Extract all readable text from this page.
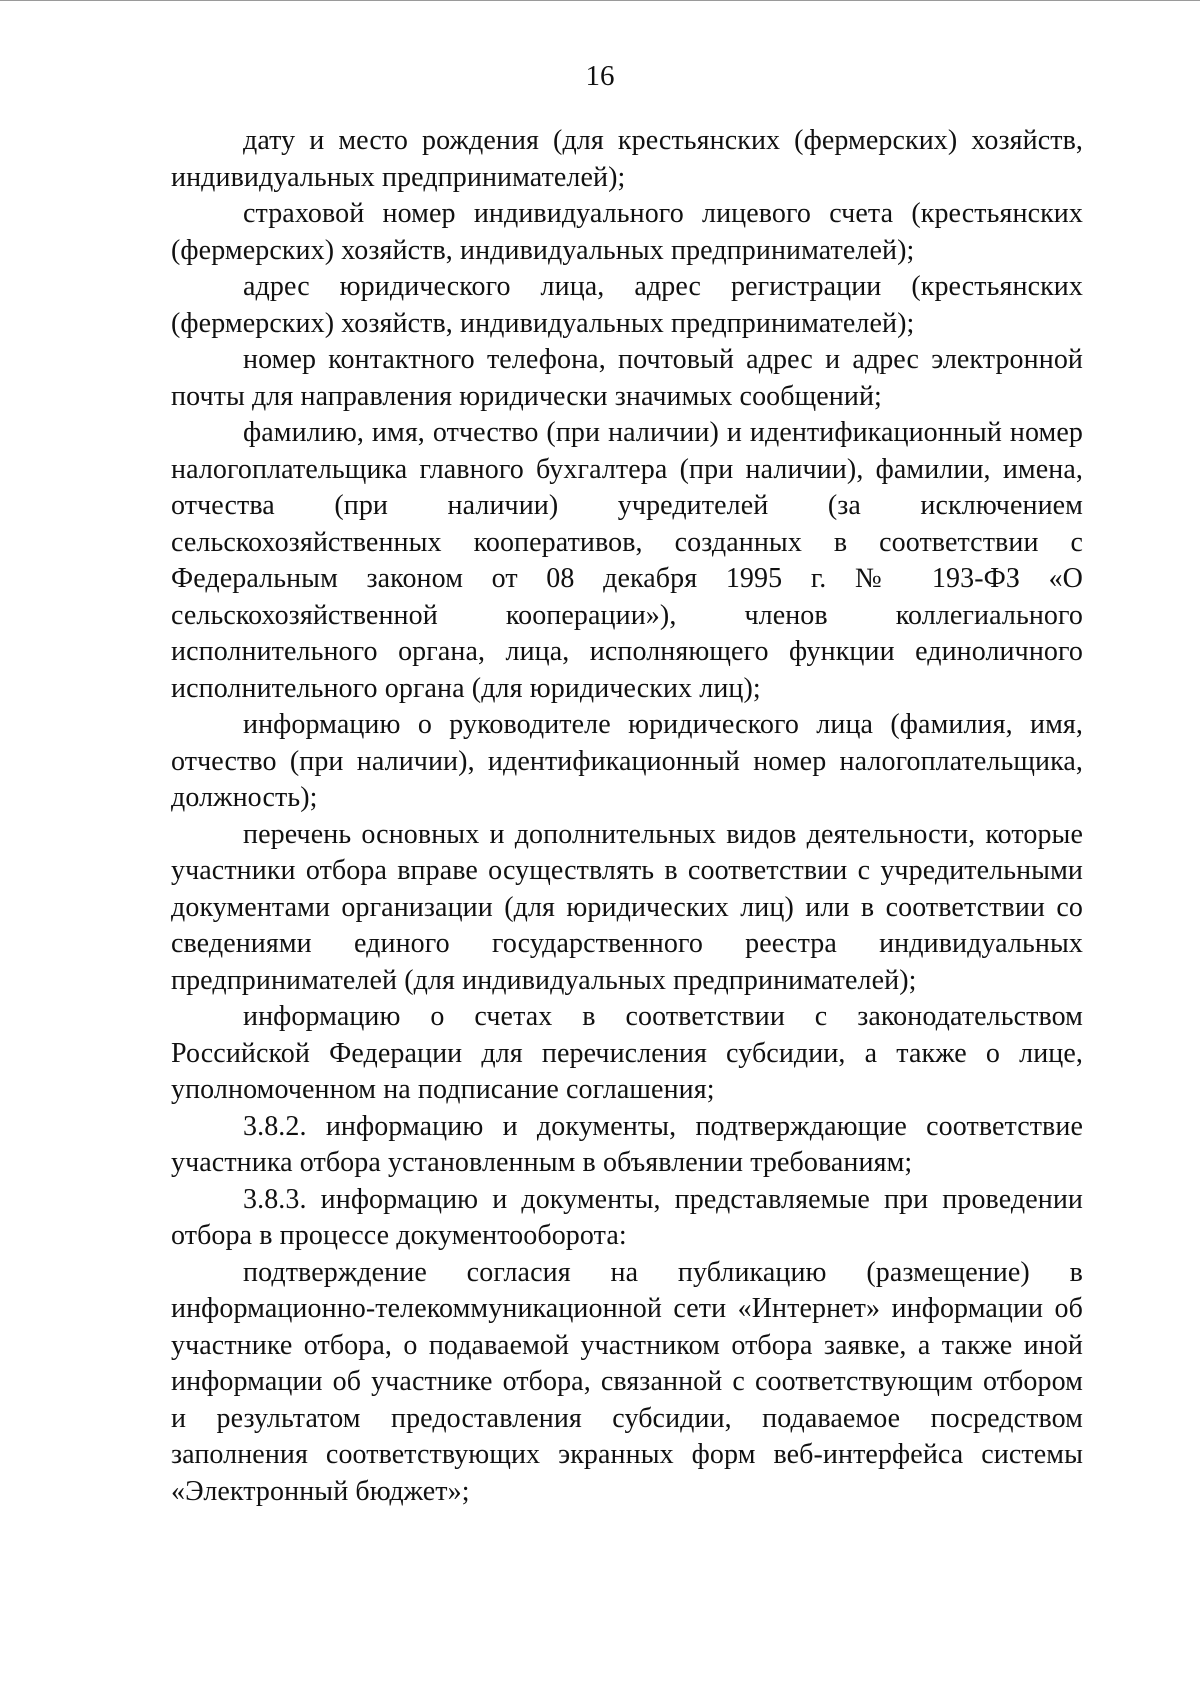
16

дату и место рождения (для крестьянских (фермерских) хозяйств, индивидуальных предпринимателей);

страховой номер индивидуального лицевого счета (крестьянских (фермерских) хозяйств, индивидуальных предпринимателей);

адрес юридического лица, адрес регистрации (крестьянских (фермерских) хозяйств, индивидуальных предпринимателей);

номер контактного телефона, почтовый адрес и адрес электронной почты для направления юридически значимых сообщений;

фамилию, имя, отчество (при наличии) и идентификационный номер налогоплательщика главного бухгалтера (при наличии), фамилии, имена, отчества (при наличии) учредителей (за исключением сельскохозяйственных кооперативов, созданных в соответствии с Федеральным законом от 08 декабря 1995 г. № 193-ФЗ «О сельскохозяйственной кооперации»), членов коллегиального исполнительного органа, лица, исполняющего функции единоличного исполнительного органа (для юридических лиц);

информацию о руководителе юридического лица (фамилия, имя, отчество (при наличии), идентификационный номер налогоплательщика, должность);

перечень основных и дополнительных видов деятельности, которые участники отбора вправе осуществлять в соответствии с учредительными документами организации (для юридических лиц) или в соответствии со сведениями единого государственного реестра индивидуальных предпринимателей (для индивидуальных предпринимателей);

информацию о счетах в соответствии с законодательством Российской Федерации для перечисления субсидии, а также о лице, уполномоченном на подписание соглашения;

3.8.2. информацию и документы, подтверждающие соответствие участника отбора установленным в объявлении требованиям;

3.8.3. информацию и документы, представляемые при проведении отбора в процессе документооборота:

подтверждение согласия на публикацию (размещение) в информационно-телекоммуникационной сети «Интернет» информации об участнике отбора, о подаваемой участником отбора заявке, а также иной информации об участнике отбора, связанной с соответствующим отбором и результатом предоставления субсидии, подаваемое посредством заполнения соответствующих экранных форм веб-интерфейса системы «Электронный бюджет»;
